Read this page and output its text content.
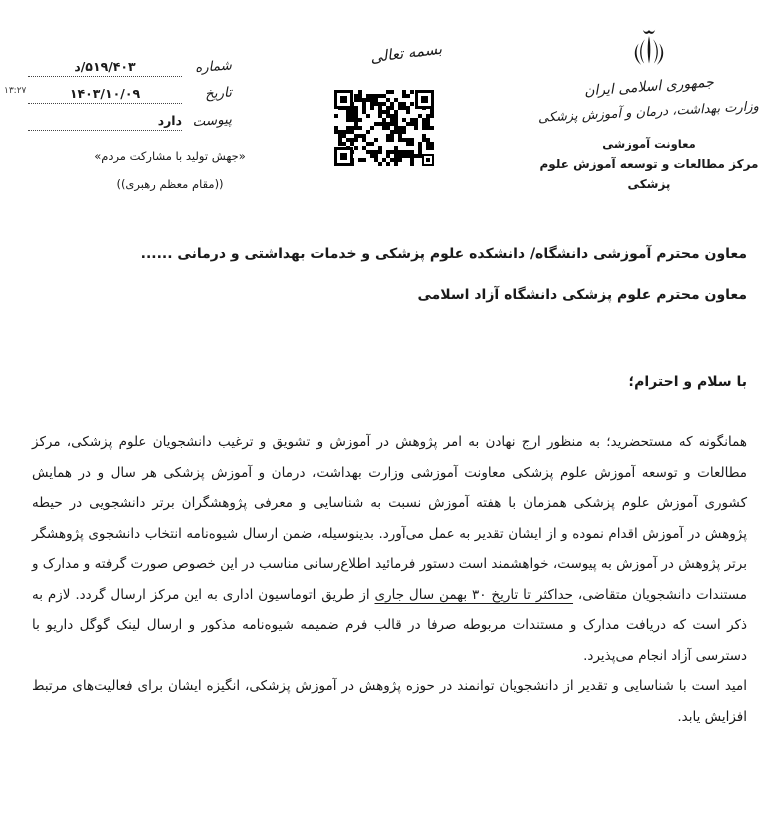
۱۳:۲۷
شماره
د/۵۱۹/۴۰۳
تاریخ
۱۴۰۳/۱۰/۰۹
پیوست
دارد
«جهش تولید با مشارکت مردم»
((مقام معظم رهبری))
بسمه تعالی
جمهوری اسلامی ایران
وزارت بهداشت، درمان و آموزش پزشکی
معاونت آموزشی
مرکز مطالعات و توسعه آموزش علوم پزشکی
معاون محترم آموزشی دانشگاه/ دانشکده علوم پزشکی و خدمات بهداشتی و درمانی ......
معاون محترم علوم پزشکی دانشگاه آزاد اسلامی
با سلام و احترام؛

همانگونه که مستحضرید؛ به منظور ارج نهادن به امر پژوهش در آموزش و تشویق و ترغیب دانشجویان علوم پزشکی، مرکز مطالعات و توسعه آموزش علوم پزشکی معاونت آموزشی وزارت بهداشت، درمان و آموزش پزشکی هر سال و در همایش کشوری آموزش علوم پزشکی همزمان با هفته آموزش نسبت به شناسایی و معرفی پژوهشگران برتر دانشجویی در حیطه پژوهش در آموزش اقدام نموده و از ایشان تقدیر به عمل می‌آورد. بدینوسیله، ضمن ارسال شیوه‌نامه انتخاب دانشجوی پژوهشگر برتر پژوهش در آموزش به پیوست، خواهشمند است دستور فرمائید اطلاع‌رسانی مناسب در این خصوص صورت گرفته و مدارک و مستندات دانشجویان متقاضی، حداکثر تا تاریخ ۳۰ بهمن سال جاری از طریق اتوماسیون اداری به این مرکز ارسال گردد. لازم به ذکر است که دریافت مدارک و مستندات مربوطه صرفا در قالب فرم ضمیمه شیوه‌نامه مذکور و ارسال لینک گوگل داریو با دسترسی آزاد انجام می‌پذیرد.

امید است با شناسایی و تقدیر از دانشجویان توانمند در حوزه پژوهش در آموزش پزشکی، انگیزه ایشان برای فعالیت‌های مرتبط افزایش یابد.
